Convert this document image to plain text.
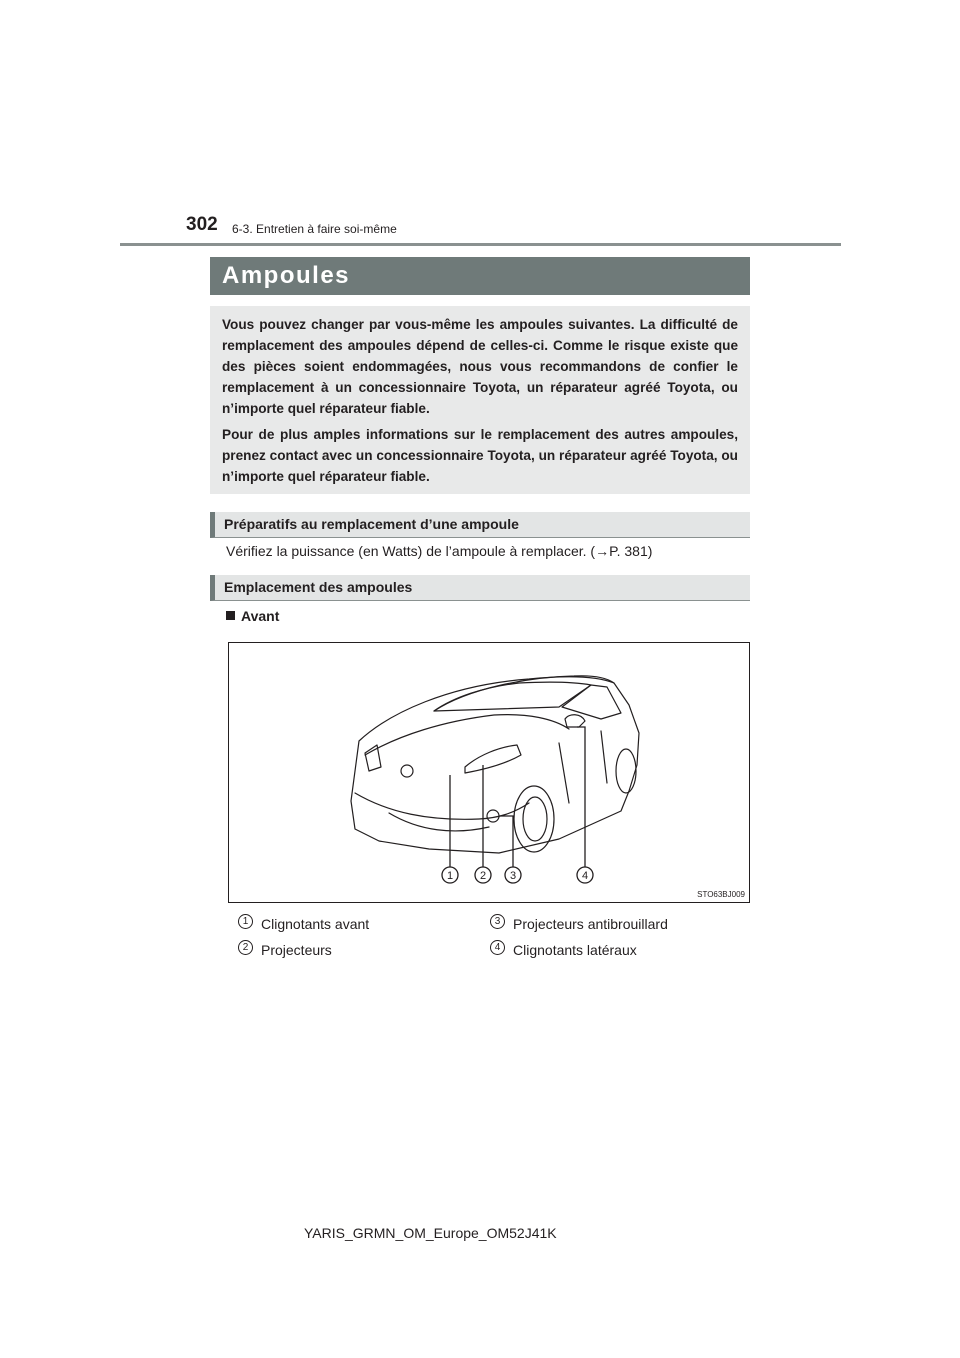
302 6-3. Entretien à faire soi-même
Ampoules

Vous pouvez changer par vous-même les ampoules suivantes. La difficulté de remplacement des ampoules dépend de celles-ci. Comme le risque existe que des pièces soient endommagées, nous vous recommandons de confier le remplacement à un concessionnaire Toyota, un réparateur agréé Toyota, ou n’importe quel réparateur fiable.

Pour de plus amples informations sur le remplacement des autres ampoules, prenez contact avec un concessionnaire Toyota, un réparateur agréé Toyota, ou n’importe quel réparateur fiable.

Préparatifs au remplacement d’une ampoule
Vérifiez la puissance (en Watts) de l’ampoule à remplacer. (→P. 381)
Emplacement des ampoules
Avant
1 2 3	4
STO63BJ009
1 Clignotants avant
2 Projecteurs
3 Projecteurs antibrouillard
4 Clignotants latéraux
YARIS_GRMN_OM_Europe_OM52J41K
